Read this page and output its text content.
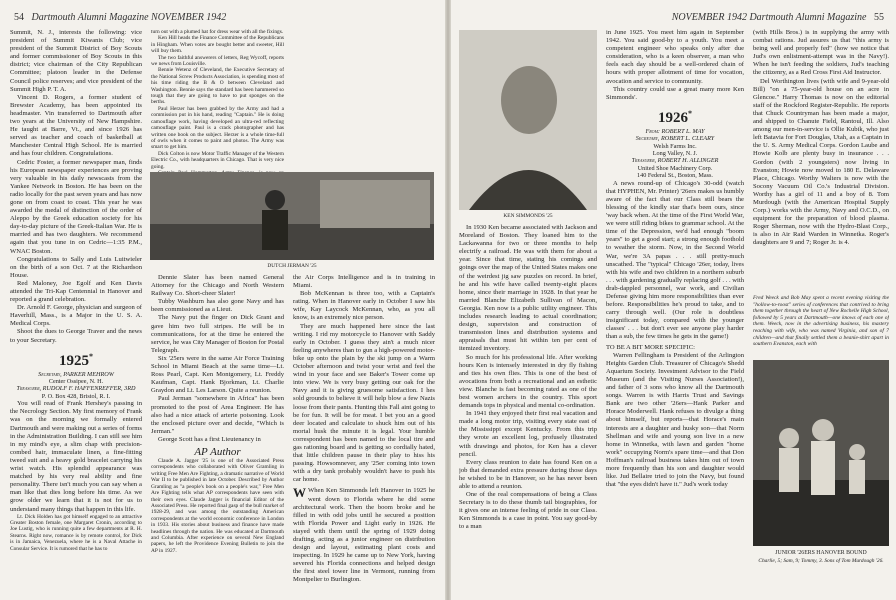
54 Dartmouth Alumni Magazine NOVEMBER 1942

Summit, N. J., interests the following: vice president of Summit Kiwanis Club; vice president of the Summit District of Boy Scouts and former commissioner of Boy Scouts in this district; vice chairman of the City Republican Committee; platoon leader in the Defense Council police reserves; and vice president of the Summit High P. T. A.

Vincent D. Rogers, a former student of Brewster Academy, has been appointed its headmaster. Vin transferred to Dartmouth after two years at the University of New Hampshire. He taught at Barre, Vt., and since 1926 has served as teacher and coach of basketball at Manchester Central High School. He is married and has four children. Congratulations.

Cedric Foster, a former newspaper man, finds his European newspaper experiences are proving very valuable in his daily newscasts from the Yankee Network in Boston. He has been on the radio locally for the past seven years and has now gone on from coast to coast. This year he was awarded the medal of distinction of the order of Aleppo by the Greek education society for his day-to-day picture of the Greek-Italian War. He is married and has two daughters. We recommend again that you tune in on Cedric—1:35 P.M., WNAC Boston.

Congratulations to Sally and Luis Luitwieler on the birth of a son Oct. 7 at the Richardson House.

Red Maloney, Joe Egolf and Ken Davis attended the Tri-Kap Centennial in Hanover and reported a grand celebration.

Dr. Arnold F. George, physician and surgeon of Haverhill, Mass., is a Major in the U. S. A. Medical Corps.

Shoot the dues to George Traver and the news to your Secretary.

1925*
Secretary, PARKER MEHROW
Center Ossipee, N. H.
Treasurer, RUDOLF F. HAFFENREFFER, 3RD
P. O. Box 428, Bristol, R. I.

You will read of Frank Hershey's passing in the Necrology Section. My first memory of Frank was on the morning we formally entered Dartmouth and were making out a series of forms in the Administration Building. I can still see him in my mind's eye, a slim chap with precision-combed hair, immaculate linen, a fine-fitting tweed suit and a heavy gold bracelet carrying his wrist watch. His splendid appearance was matched by his very real ability and fine personality. There isn't much you can say when a man like that dies long before his time. As we grow older we learn that it is not for us to understand many things that happen in this life.

Lt. Dick Holden has got himself engaged to an attractive Greater Boston female, one Margaret Cronin, according to Joe Lustig, who is running quite a few departments at R. H. Stearns. Right now, romance is by remote control, for Dick is in Jamaica, Venezuela, where he is a Naval Attache in Consular Service. It is rumored that he has to

turn out with a plumed hat for dress wear with all the fixings.

Ken Hill heads the Finance Committee of the Republicans in Hingham. When votes are bought better and sweeter, Hill will buy them.

The two faithful answerers of letters, Reg Wycoff, reports we news from Louisville.

Bennie Wetenz of Cleveland, the Executive Secretary of the National Screw Products Association, is spending most of his time riding the B & O between Cleveland and Washington. Bennie says the standard has been hammered so tough that they are going to have to put sponges on the berths.

Paul Herzer has been grabbed by the Army and had a commission put in his hand, reading "Captain." He is doing camouflage work, having developed an ultra-red reflecting camouflage paint. Paul is a crack photographer and has written one book on the subject. Herzer is a whole time-full of owls when it comes to paint and photos. The Army was smart to get him.

Dick Colton is now Motor Traffic Manager of the Western Electric Co., with headquarters in Chicago. That is very nice going.

DUTCH JERMAN '25

Dennie Slater has been named General Attorney for the Chicago and North Western Railway Co. Short-cheer Slater!

Tubby Washburn has also gone Navy and has been commissioned as a Lieut.

The Navy put the finger on Dick Grant and gave him two full stripes. He will be in communications, for at the time he entered the service, he was City Manager of Boston for Postal Telegraph.

Six '25ers were in the same Air Force Training School in Miami Beach at the same time—Lt. Ross Pearl, Capt. Ken Montgomery, Lt. Freddy Kaufman, Capt. Hank Bjorkman, Lt. Charlie Graydon and Lt. Les Larson. Quite a reunion.

Paul Jerman "somewhere in Africa" has been promoted to the post of Area Engineer. He has also had a nice attack of arterie poisoning. Look the enclosed picture over and decide, "Which is Jerman."

George Scott has a first Lieutenancy in

AP Author

Claude A. Jagger '25 is one of the Associated Press correspondents who collaborated with Oliver Gramling in writing Free Men Are Fighting, a dramatic narrative of World War II to be published in late October. Described by Author Gramling as "a people's book on a people's war," Free Men Are Fighting tells what AP correspondents have seen with their own eyes. Claude Jagger is financial Editor of the Associated Press. He reported final gasp of the bull market of 1928-29, and was among the outstanding American correspondents at the world economic conference in London in 1933. His stories about business and finance have made headlines through the nation. He was educated at Dartmouth and Columbia. After experience on several New England papers, he left the Providence Evening Bulletin to join the AP in 1927.

the Air Corps Intelligence and is in training in Miami.

Bob McKennan is three too, with a Captain's rating. When in Hanover early in October I saw his wife, Kay Laycock McKennan, who, as you all know, is an extremely nice person.

They are much happened here since the last writing. I rid my motorcycle to Hanover with Saddy early in October. I guess they ain't a much nicer feeling anywheres than to gun a high-powered motor-bike up onto the plain by the ski jump on a Warm October afternoon and twist your wrist and feel the wind in your face and see Baker's Tower come up into view. We is very busy getting our oak for the Navy and it is giving gruesome satisfaction. I hes sold grounds to believe it will help blow a few Nazis loose from their pants. Hunting this Fall aint going to be for fun. It will be for meat. I bet you an a good deer located and calculate to shuck him out of his mortal husk the minute it is legal. Your humble correspondent has been named to the local tire and gas rationing board and is getting so cordially hated, that little children pause in their play to hiss his passing. Howsomnever, any '25er coming into town with a dry tank probably wouldn't have to push his car home.

W When Ken Simmonds left Hanover in 1925 he went down to Florida where he did some architectural work. Then the boom broke and he filled in with odd jobs until he secured a position with Florida Power and Light early in 1926. He stayed with them until the spring of 1929 doing drafting, acting as a junior engineer on distribution design and layout, estimating plant costs and inspecting. In 1929 he came up to New York, having severed his Florida connections and helped design the first steel tower line in Vermont, running from Montpelier to Burlington.

NOVEMBER 1942 Dartmouth Alumni Magazine 55
KEN SIMMONDS '25

In 1930 Ken became associated with Jackson and Moreland of Boston. They loaned him to the Lackawanna for two or three months to help electrify a railroad. He was with them for about a year. Since that time, stating his comings and goings over the map of the United States makes one of the weirdest jig saw puzzles on record. In brief, he and his wife have called twenty-eight places home, since their marriage in 1928. In that year he married Blanche Elizabeth Sullivan of Macon, Georgia. Ken now is a public utility engineer. This includes research leading to actual coordination; design, supervision and construction of transmission lines and distribution systems and appraisals that must hit within ten per cent of itemized inventory.

So much for his professional life. After working hours Ken is intensely interested in dry fly fishing and ties his own flies. This is one of the best of avocations from both a recreational and an esthetic view. Blanche is fast becoming rated as one of the best women archers in the country. This sport demands tops in physical and mental co-ordination.

In 1941 they enjoyed their first real vacation and made a long motor trip, visiting every state east of the Mississippi except Kentucky. From this trip they wrote an excellent log, profusely illustrated with drawings and photos, for Ken has a clever pencil.

Every class reunion to date has found Ken on a job that demanded extra pressure during those days he wished to be in Hanover, so he has never been able to attend a reunion.

One of the real compensations of being a Class Secretary is to do these thumb tail biographies, for it gives one an intense feeling of pride in our Class. Ken Simmonds is a case in point. You say good-by to a man

in June 1925. You meet him again in September 1942. You said good-by to a youth. You meet a competent engineer who speaks only after due consideration, who is a keen observer, a man who feels each day should be a well-ordered chain of hours with proper allotment of time for vocation, avocation and service to community.

This country could use a great many more Ken Simmonds'.

1926*
From: ROBERT L. MAY
Secretary, ROBERT L. CLEARY
Welsh Farms Inc.
Long Valley, N. J.
Treasurer, ROBERT H. ALLINGER
United Shoe Machinery Corp.
140 Federal St., Boston, Mass.

A news round-up of Chicago's 30-odd (watch that HYPHEN, Mr. Printer) '26ers makes us humbly aware of the fact that our Class still bears the blessing of the kindly star that's been ours, since 'way back when. At the time of the First World War, we were still riding bikes to grammar school. At the time of the Depression, we'd had enough "boom years" to get a good start; a strong enough foothold to weather the storm. Now, in the Second World War, we're 3A papas . . . still pretty-much unscathed. The "typical" Chicago '26er, today, lives with his wife and two children in a northern suburb . . . with gardening gradually replacing golf . . . with drab-dappled personnel, war work, and Civilian Defense giving him more responsibilities than ever before. Responsibilities he's proud to take, and to carry through well. (Our role is doubtless insignificant today, compared with the younger classes' . . . but don't ever see anyone play harder than a sub, the few times he gets in the game!)

TO BE A BIT MORE SPECIFIC:

Warren Fellingham is President of the Arlington Heights Garden Club. Treasurer of Chicago's Shedd Aquarium Society. Investment Advisor to the Field Museum (and the Visiting Nurses Association!), and father of 3 sons who know all the Dartmouth songs. Warren is with Harris Trust and Savings Bank are two other '26ers—Hank Parker and Horace Moderwell. Hank refuses to divulge a thing about himself, but reports—that Horace's main interests are a daughter and husky son—that Norm Shellman and wife and young son live in a new home in Winnetka, with lawn and garden "home work" occupying Norm's spare time—and that Don Hoffman's railroad business takes him out of town more frequently than his son and daughter would like. Jud Bellaire tried to join the Navy, but found that "the eyes didn't have it." Jud's work today

(with Hills Bros.) is in supplying the army with combat rations. Jud assures us that "this army is being well and properly fed" (how we notice that Jud's own enlistment-attempt was in the Navy!). When he isn't feeding the soldiers, Jud's teaching the citizenry, as a Red Cross First Aid Instructor.

Del Worthington lives (with wife and 9-year-old Bill) "on a 75-year-old house on an acre in Glencoe." Harry Thomas is now on the editorial staff of the Rockford Register-Republic. He reports that Chuck Countryman has been made a major, and shipped to Chanute Field, Rantoul, Ill. Also among our men-in-service is Ollie Kubik, who just left Batavia for Fort Douglas, Utah, as a Captain in the U. S. Army Medical Corps. Gordon Laube and Howie Kolb are plenty busy in insurance . . . Gordon (with 2 youngsters) now living in Evanston; Howie now moved to 180 E. Delaware Place, Chicago. Worthy Walters is now with the Socony Vacuum Oil Co.'s Industrial Division. Worthy has a girl of 11 and a boy of 8. Tom Murdough (with the American Hospital Supply Corp.) works with the Army, Navy and O.C.D., on equipment for the preparation of blood plasma. Roger Sherman, now with the Hydro-Blast Corp., is also in Air Raid Warden in Winnetka. Roger's daughters are 9 and 7; Roger Jr. is 4.

Fred Weeck and Bob May spent a recent evening visiting the "hollow-to-roost" series of conferences that contrived to bring them together through the heart of New Rochelle High School, followed by 5 years at Dartmouth—one knows of each one of them. Weeck, now in the advertising business, his mastery reaching with wife, who was named Virginia, and son of 7 children—and that finally settled them a beanie-shirt apart in southern Evanston, each with
JUNIOR '26ERS HANOVER BOUND
Charlie, 5; Sam, 9; Tommy, 3. Sons of Tom Murdough '26.
